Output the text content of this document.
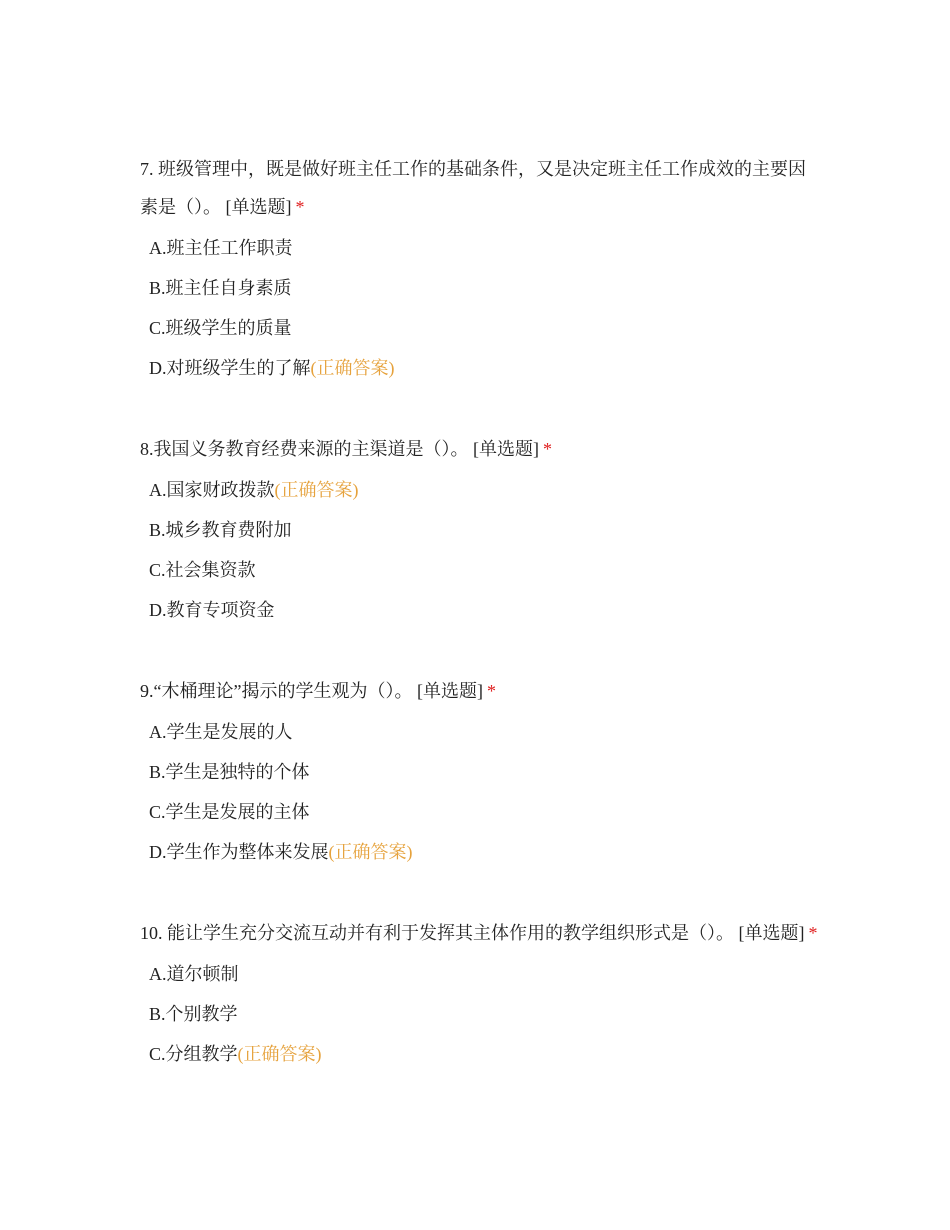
7. 班级管理中，既是做好班主任工作的基础条件，又是决定班主任工作成效的主要因素是（）。 [单选题] *

A.班主任工作职责
B.班主任自身素质
C.班级学生的质量
D.对班级学生的了解(正确答案)

8.我国义务教育经费来源的主渠道是（）。 [单选题] *

A.国家财政拨款(正确答案)
B.城乡教育费附加
C.社会集资款
D.教育专项资金

9.“木桶理论”揭示的学生观为（）。 [单选题] *

A.学生是发展的人
B.学生是独特的个体
C.学生是发展的主体
D.学生作为整体来发展(正确答案)

10. 能让学生充分交流互动并有利于发挥其主体作用的教学组织形式是（）。 [单选题] *

A.道尔顿制
B.个别教学
C.分组教学(正确答案)
